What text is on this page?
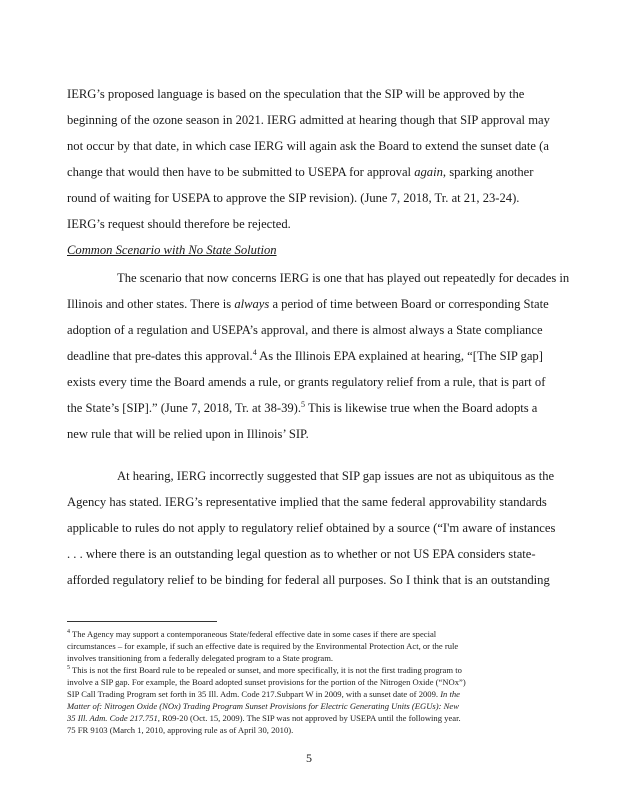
IERG’s proposed language is based on the speculation that the SIP will be approved by the
beginning of the ozone season in 2021. IERG admitted at hearing though that SIP approval may
not occur by that date, in which case IERG will again ask the Board to extend the sunset date (a
change that would then have to be submitted to USEPA for approval again, sparking another
round of waiting for USEPA to approve the SIP revision). (June 7, 2018, Tr. at 21, 23-24).
IERG’s request should therefore be rejected.
Common Scenario with No State Solution
The scenario that now concerns IERG is one that has played out repeatedly for decades in
Illinois and other states. There is always a period of time between Board or corresponding State
adoption of a regulation and USEPA’s approval, and there is almost always a State compliance
deadline that pre-dates this approval.$^4$ As the Illinois EPA explained at hearing, “[The SIP gap]
exists every time the Board amends a rule, or grants regulatory relief from a rule, that is part of
the State’s [SIP].” (June 7, 2018, Tr. at 38-39).$^5$ This is likewise true when the Board adopts a
new rule that will be relied upon in Illinois’ SIP.
At hearing, IERG incorrectly suggested that SIP gap issues are not as ubiquitous as the
Agency has stated. IERG’s representative implied that the same federal approvability standards
applicable to rules do not apply to regulatory relief obtained by a source (“I'm aware of instances
. . . where there is an outstanding legal question as to whether or not US EPA considers state-
afforded regulatory relief to be binding for federal all purposes. So I think that is an outstanding
$^4$ The Agency may support a contemporaneous State/federal effective date in some cases if there are special
circumstances – for example, if such an effective date is required by the Environmental Protection Act, or the rule
involves transitioning from a federally delegated program to a State program.
$^5$ This is not the first Board rule to be repealed or sunset, and more specifically, it is not the first trading program to
involve a SIP gap. For example, the Board adopted sunset provisions for the portion of the Nitrogen Oxide (“NOx”)
SIP Call Trading Program set forth in 35 Ill. Adm. Code 217.Subpart W in 2009, with a sunset date of 2009. In the
Matter of: Nitrogen Oxide (NOx) Trading Program Sunset Provisions for Electric Generating Units (EGUs): New
35 Ill. Adm. Code 217.751, R09-20 (Oct. 15, 2009). The SIP was not approved by USEPA until the following year.
75 FR 9103 (March 1, 2010, approving rule as of April 30, 2010).
5
